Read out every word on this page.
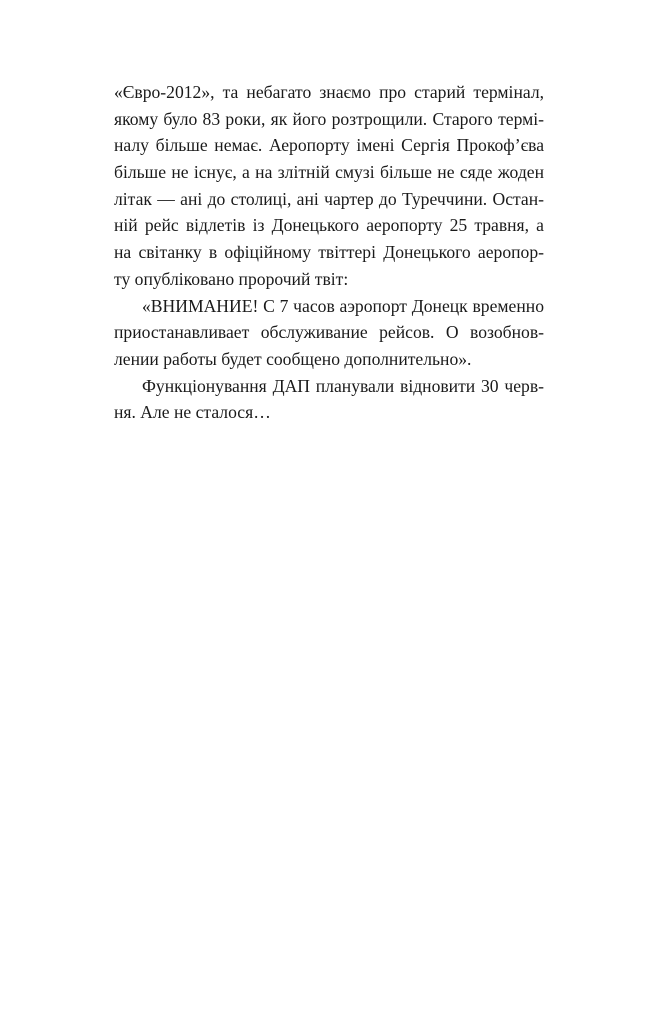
«Євро-2012», та небагато знаємо про старий термінал,
якому було 83 роки, як його розтрощили. Старого термі-
налу більше немає. Аеропорту імені Сергія Прокоф’єва
більше не існує, а на злітній смузі більше не сяде жоден
літак — ані до столиці, ані чартер до Туреччини. Остан-
ній рейс відлетів із Донецького аеропорту 25 травня, а
на світанку в офіційному твіттері Донецького аеропор-
ту опубліковано пророчий твіт:
«ВНИМАНИЕ! С 7 часов аэропорт Донецк временно
приостанавливает обслуживание рейсов. О возобнов-
лении работы будет сообщено дополнительно».
Функціонування ДАП планували відновити 30 черв-
ня. Але не сталося…
